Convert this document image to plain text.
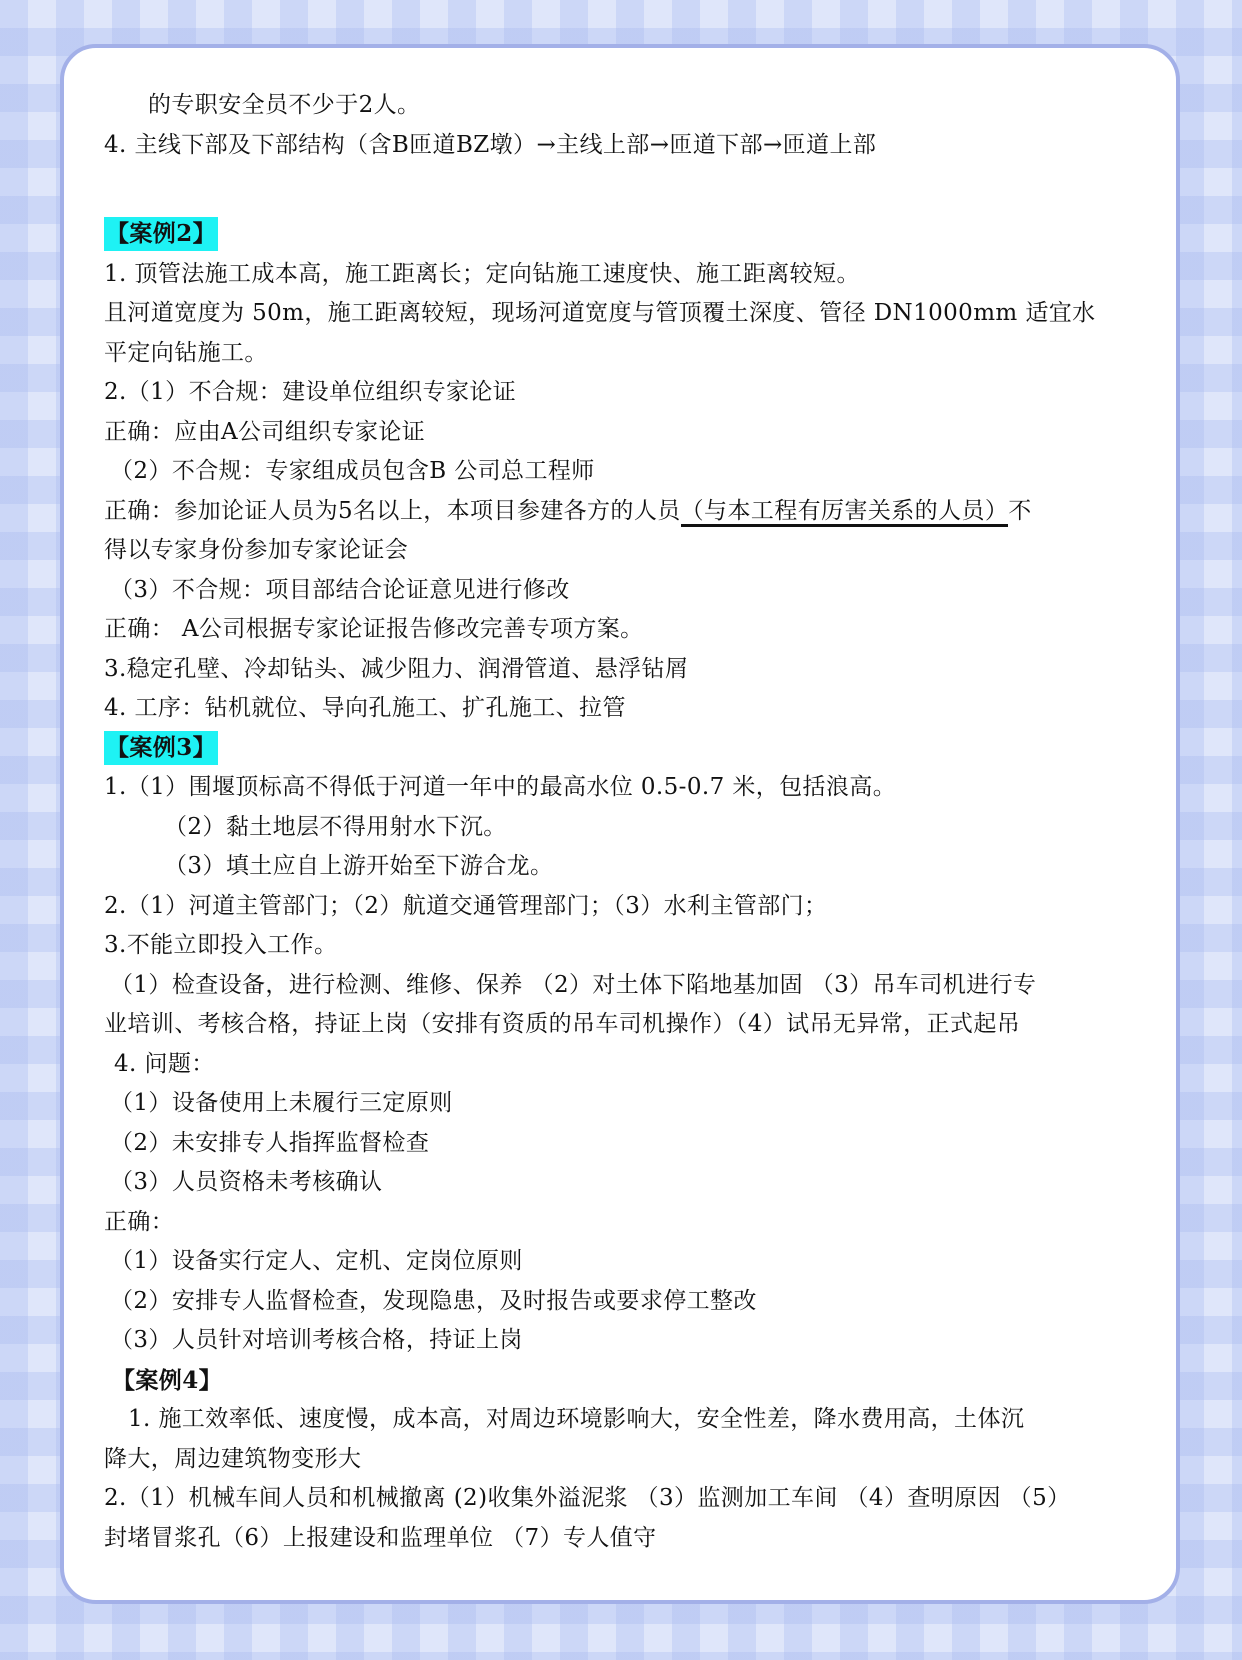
的专职安全员不少于2人。
4. 主线下部及下部结构（含B匝道BZ墩）→主线上部→匝道下部→匝道上部
【案例2】
1. 顶管法施工成本高，施工距离长；定向钻施工速度快、施工距离较短。
且河道宽度为 50m，施工距离较短，现场河道宽度与管顶覆土深度、管径 DN1000mm 适宜水
平定向钻施工。
2.（1）不合规：建设单位组织专家论证
正确：应由A公司组织专家论证
（2）不合规：专家组成员包含B 公司总工程师
正确：参加论证人员为5名以上，本项目参建各方的人员（与本工程有厉害关系的人员）不
得以专家身份参加专家论证会
（3）不合规：项目部结合论证意见进行修改
正确： A公司根据专家论证报告修改完善专项方案。
3.稳定孔壁、冷却钻头、减少阻力、润滑管道、悬浮钻屑
4. 工序：钻机就位、导向孔施工、扩孔施工、拉管
【案例3】
1.（1）围堰顶标高不得低于河道一年中的最高水位 0.5-0.7 米，包括浪高。
（2）黏土地层不得用射水下沉。
（3）填土应自上游开始至下游合龙。
2.（1）河道主管部门；（2）航道交通管理部门；（3）水利主管部门；
3.不能立即投入工作。
（1）检查设备，进行检测、维修、保养 （2）对土体下陷地基加固 （3）吊车司机进行专
业培训、考核合格，持证上岗（安排有资质的吊车司机操作）（4）试吊无异常，正式起吊
4. 问题：
（1）设备使用上未履行三定原则
（2）未安排专人指挥监督检查
（3）人员资格未考核确认
正确：
（1）设备实行定人、定机、定岗位原则
（2）安排专人监督检查，发现隐患，及时报告或要求停工整改
（3）人员针对培训考核合格，持证上岗
【案例4】
1. 施工效率低、速度慢，成本高，对周边环境影响大，安全性差，降水费用高，土体沉
降大，周边建筑物变形大
2.（1）机械车间人员和机械撤离 (2)收集外溢泥浆 （3）监测加工车间 （4）查明原因 （5）
封堵冒浆孔（6）上报建设和监理单位 （7）专人值守
